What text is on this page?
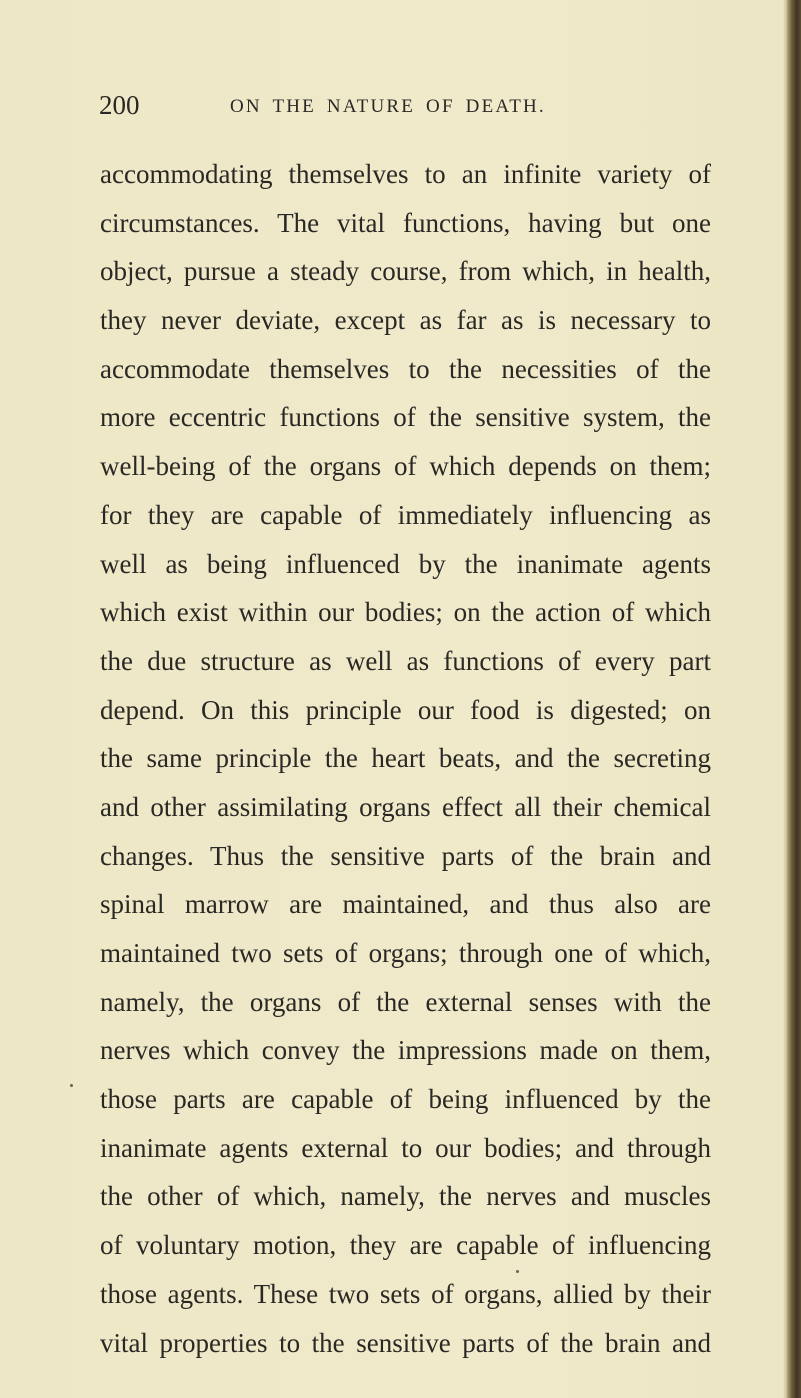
200	ON THE NATURE OF DEATH.
accommodating themselves to an infinite variety of
circumstances. The vital functions, having but one
object, pursue a steady course, from which, in health,
they never deviate, except as far as is necessary to
accommodate themselves to the necessities of the
more eccentric functions of the sensitive system, the
well-being of the organs of which depends on them;
for they are capable of immediately influencing as
well as being influenced by the inanimate agents
which exist within our bodies; on the action of which
the due structure as well as functions of every part
depend. On this principle our food is digested; on
the same principle the heart beats, and the secreting
and other assimilating organs effect all their chemical
changes. Thus the sensitive parts of the brain and
spinal marrow are maintained, and thus also are
maintained two sets of organs; through one of which,
namely, the organs of the external senses with the
nerves which convey the impressions made on them,
those parts are capable of being influenced by the
inanimate agents external to our bodies; and through
the other of which, namely, the nerves and muscles
of voluntary motion, they are capable of influencing
those agents. These two sets of organs, allied by their
vital properties to the sensitive parts of the brain and
